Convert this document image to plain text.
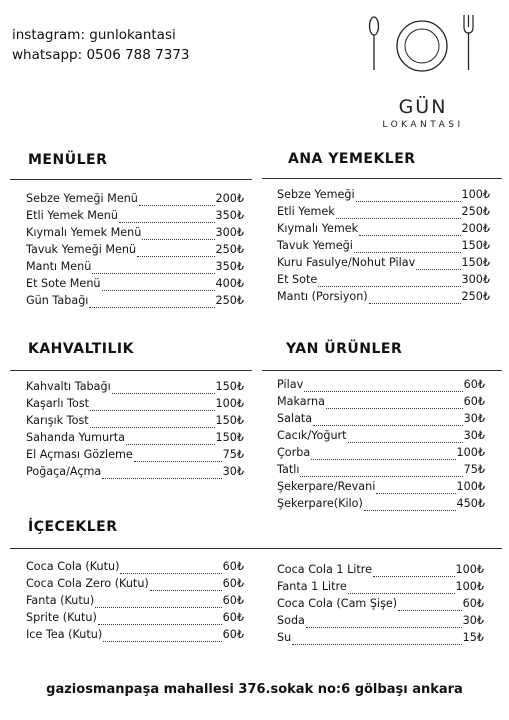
instagram: gunlokantasi
whatsapp: 0506 788 7373
GÜN
LOKANTASI
MENÜLER
Sebze Yemeği Menü	200₺
Etli Yemek Menü	350₺
Kıymalı Yemek Menü	300₺
Tavuk Yemeği Menü	250₺
Mantı Menü	350₺
Et Sote Menü	400₺
Gün Tabağı	250₺
ANA YEMEKLER
Sebze Yemeği	100₺
Etli Yemek	250₺
Kıymalı Yemek	200₺
Tavuk Yemeği	150₺
Kuru Fasulye/Nohut Pilav	150₺
Et Sote	300₺
Mantı (Porsiyon)	250₺
KAHVALTILIK
Kahvaltı Tabağı	150₺
Kaşarlı Tost	100₺
Karışık Tost	150₺
Sahanda Yumurta	150₺
El Açması Gözleme	75₺
Poğaça/Açma	30₺
YAN ÜRÜNLER
Pilav	60₺
Makarna	60₺
Salata	30₺
Cacık/Yoğurt	30₺
Çorba	100₺
Tatlı	75₺
Şekerpare/Revani	100₺
Şekerpare(Kilo)	450₺
İÇECEKLER
Coca Cola (Kutu)	60₺
Coca Cola Zero (Kutu)	60₺
Fanta (Kutu)	60₺
Sprite (Kutu)	60₺
Ice Tea (Kutu)	60₺
Coca Cola 1 Litre	100₺
Fanta 1 Litre	100₺
Coca Cola (Cam Şişe)	60₺
Soda	30₺
Su	15₺
gaziosmanpaşa mahallesi 376.sokak no:6 gölbaşı ankara
